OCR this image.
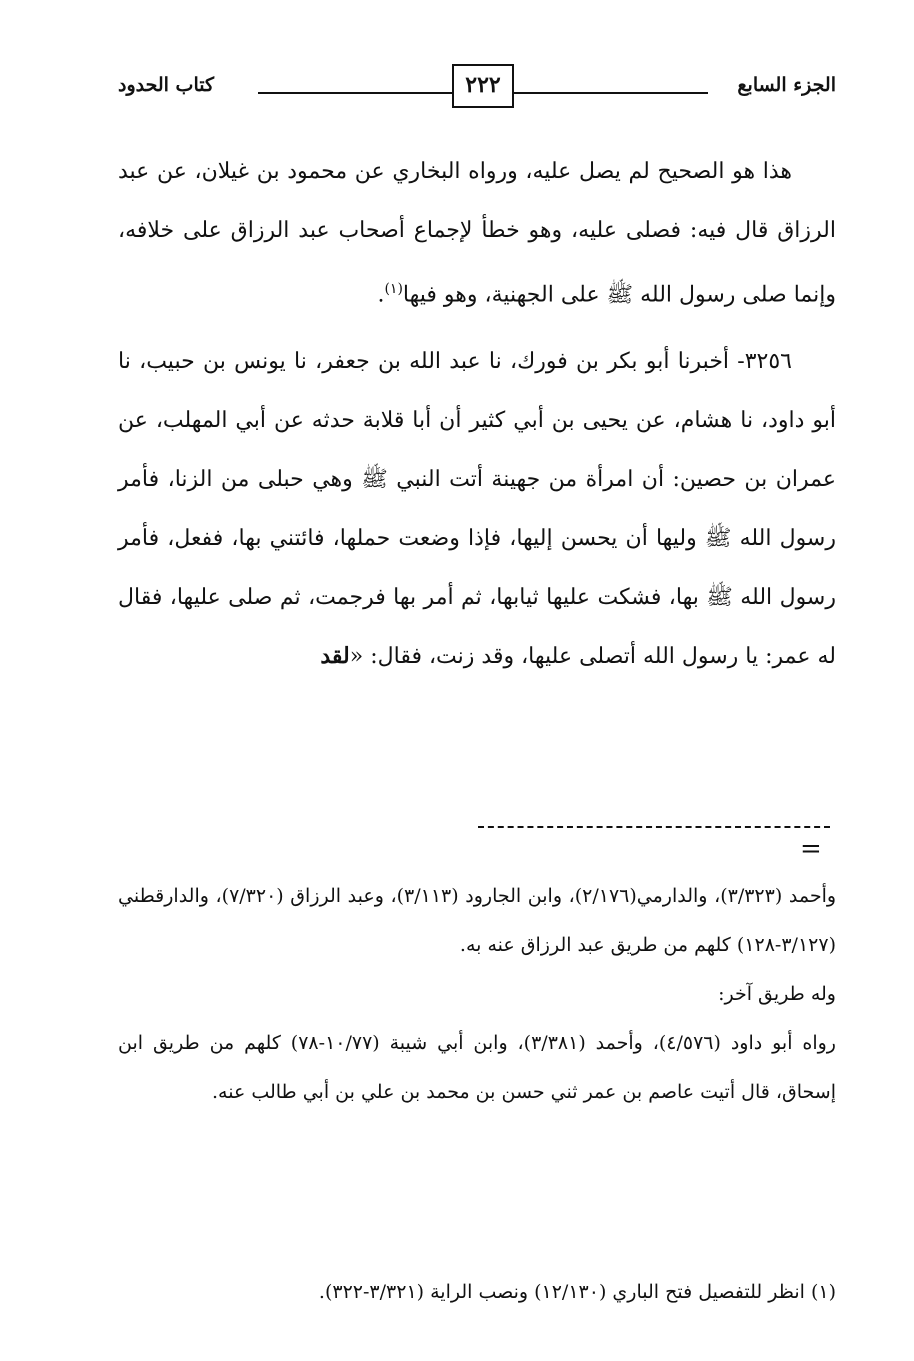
الجزء السابع
٢٢٢
كتاب الحدود

هذا هو الصحيح لم يصل عليه، ورواه البخاري عن محمود بن غيلان، عن عبد الرزاق قال فيه: فصلى عليه، وهو خطأ لإجماع أصحاب عبد الرزاق على خلافه، وإنما صلى رسول الله ﷺ على الجهنية، وهو فيها$^{(١)}$.

٣٢٥٦- أخبرنا أبو بكر بن فورك، نا عبد الله بن جعفر، نا يونس بن حبيب، نا أبو داود، نا هشام، عن يحيى بن أبي كثير أن أبا قلابة حدثه عن أبي المهلب، عن عمران بن حصين: أن امرأة من جهينة أتت النبي ﷺ وهي حبلى من الزنا، فأمر رسول الله ﷺ وليها أن يحسن إليها، فإذا وضعت حملها، فائتني بها، ففعل، فأمر رسول الله ﷺ بها، فشكت عليها ثيابها، ثم أمر بها فرجمت، ثم صلى عليها، فقال له عمر: يا رسول الله أتصلى عليها، وقد زنت، فقال: «لقد

=

وأحمد (٣/٣٢٣)، والدارمي(٢/١٧٦)، وابن الجارود (٣/١١٣)، وعبد الرزاق (٧/٣٢٠)، والدارقطني (٣/١٢٧-١٢٨) كلهم من طريق عبد الرزاق عنه به.

وله طريق آخر:

رواه أبو داود (٤/٥٧٦)، وأحمد (٣/٣٨١)، وابن أبي شيبة (١٠/٧٧-٧٨) كلهم من طريق ابن إسحاق، قال أتيت عاصم بن عمر ثني حسن بن محمد بن علي بن أبي طالب عنه.

(١) انظر للتفصيل فتح الباري (١٢/١٣٠) ونصب الراية (٣/٣٢١-٣٢٢).
